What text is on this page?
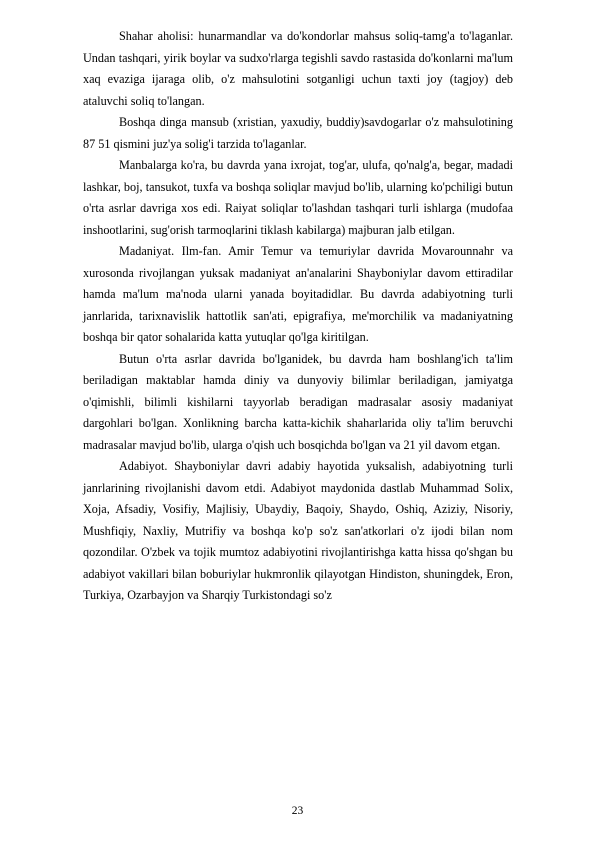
Shahar aholisi: hunarmandlar va do'kondorlar mahsus soliq-tamg'a to'laganlar. Undan tashqari, yirik boylar va sudxo'rlarga tegishli savdo rastasida do'konlarni ma'lum xaq evaziga ijaraga olib, o'z mahsulotini sotganligi uchun taxti joy (tagjoy) deb ataluvchi soliq to'langan.

Boshqa dinga mansub (xristian, yaxudiy, buddiy)savdogarlar o'z mahsulotining 87 51 qismini juz'ya solig'i tarzida to'laganlar.

Manbalarga ko'ra, bu davrda yana ixrojat, tog'ar, ulufa, qo'nalg'a, begar, madadi lashkar, boj, tansukot, tuxfa va boshqa soliqlar mavjud bo'lib, ularning ko'pchiligi butun o'rta asrlar davriga xos edi. Raiyat soliqlar to'lashdan tashqari turli ishlarga (mudofaa inshootlarini, sug'orish tarmoqlarini tiklash kabilarga) majburan jalb etilgan.

Madaniyat. Ilm-fan. Amir Temur va temuriylar davrida Movarounnahr va xurosonda rivojlangan yuksak madaniyat an'analarini Shayboniylar davom ettiradilar hamda ma'lum ma'noda ularni yanada boyitadidlar. Bu davrda adabiyotning turli janrlarida, tarixnavislik hattotlik san'ati, epigrafiya, me'morchilik va madaniyatning boshqa bir qator sohalarida katta yutuqlar qo'lga kiritilgan.

Butun o'rta asrlar davrida bo'lganidek, bu davrda ham boshlang'ich ta'lim beriladigan maktablar hamda diniy va dunyoviy bilimlar beriladigan, jamiyatga o'qimishli, bilimli kishilarni tayyorlab beradigan madrasalar asosiy madaniyat dargohlari bo'lgan. Xonlikning barcha katta-kichik shaharlarida oliy ta'lim beruvchi madrasalar mavjud bo'lib, ularga o'qish uch bosqichda bo'lgan va 21 yil davom etgan.

Adabiyot. Shayboniylar davri adabiy hayotida yuksalish, adabiyotning turli janrlarining rivojlanishi davom etdi. Adabiyot maydonida dastlab Muhammad Solix, Xoja, Afsadiy, Vosifiy, Majlisiy, Ubaydiy, Baqoiy, Shaydo, Oshiq, Aziziy, Nisoriy, Mushfiqiy, Naxliy, Mutrifiy va boshqa ko'p so'z san'atkorlari o'z ijodi bilan nom qozondilar. O'zbek va tojik mumtoz adabiyotini rivojlantirishga katta hissa qo'shgan bu adabiyot vakillari bilan boburiylar hukmronlik qilayotgan Hindiston, shuningdek, Eron, Turkiya, Ozarbayjon va Sharqiy Turkistondagi so'z

23
